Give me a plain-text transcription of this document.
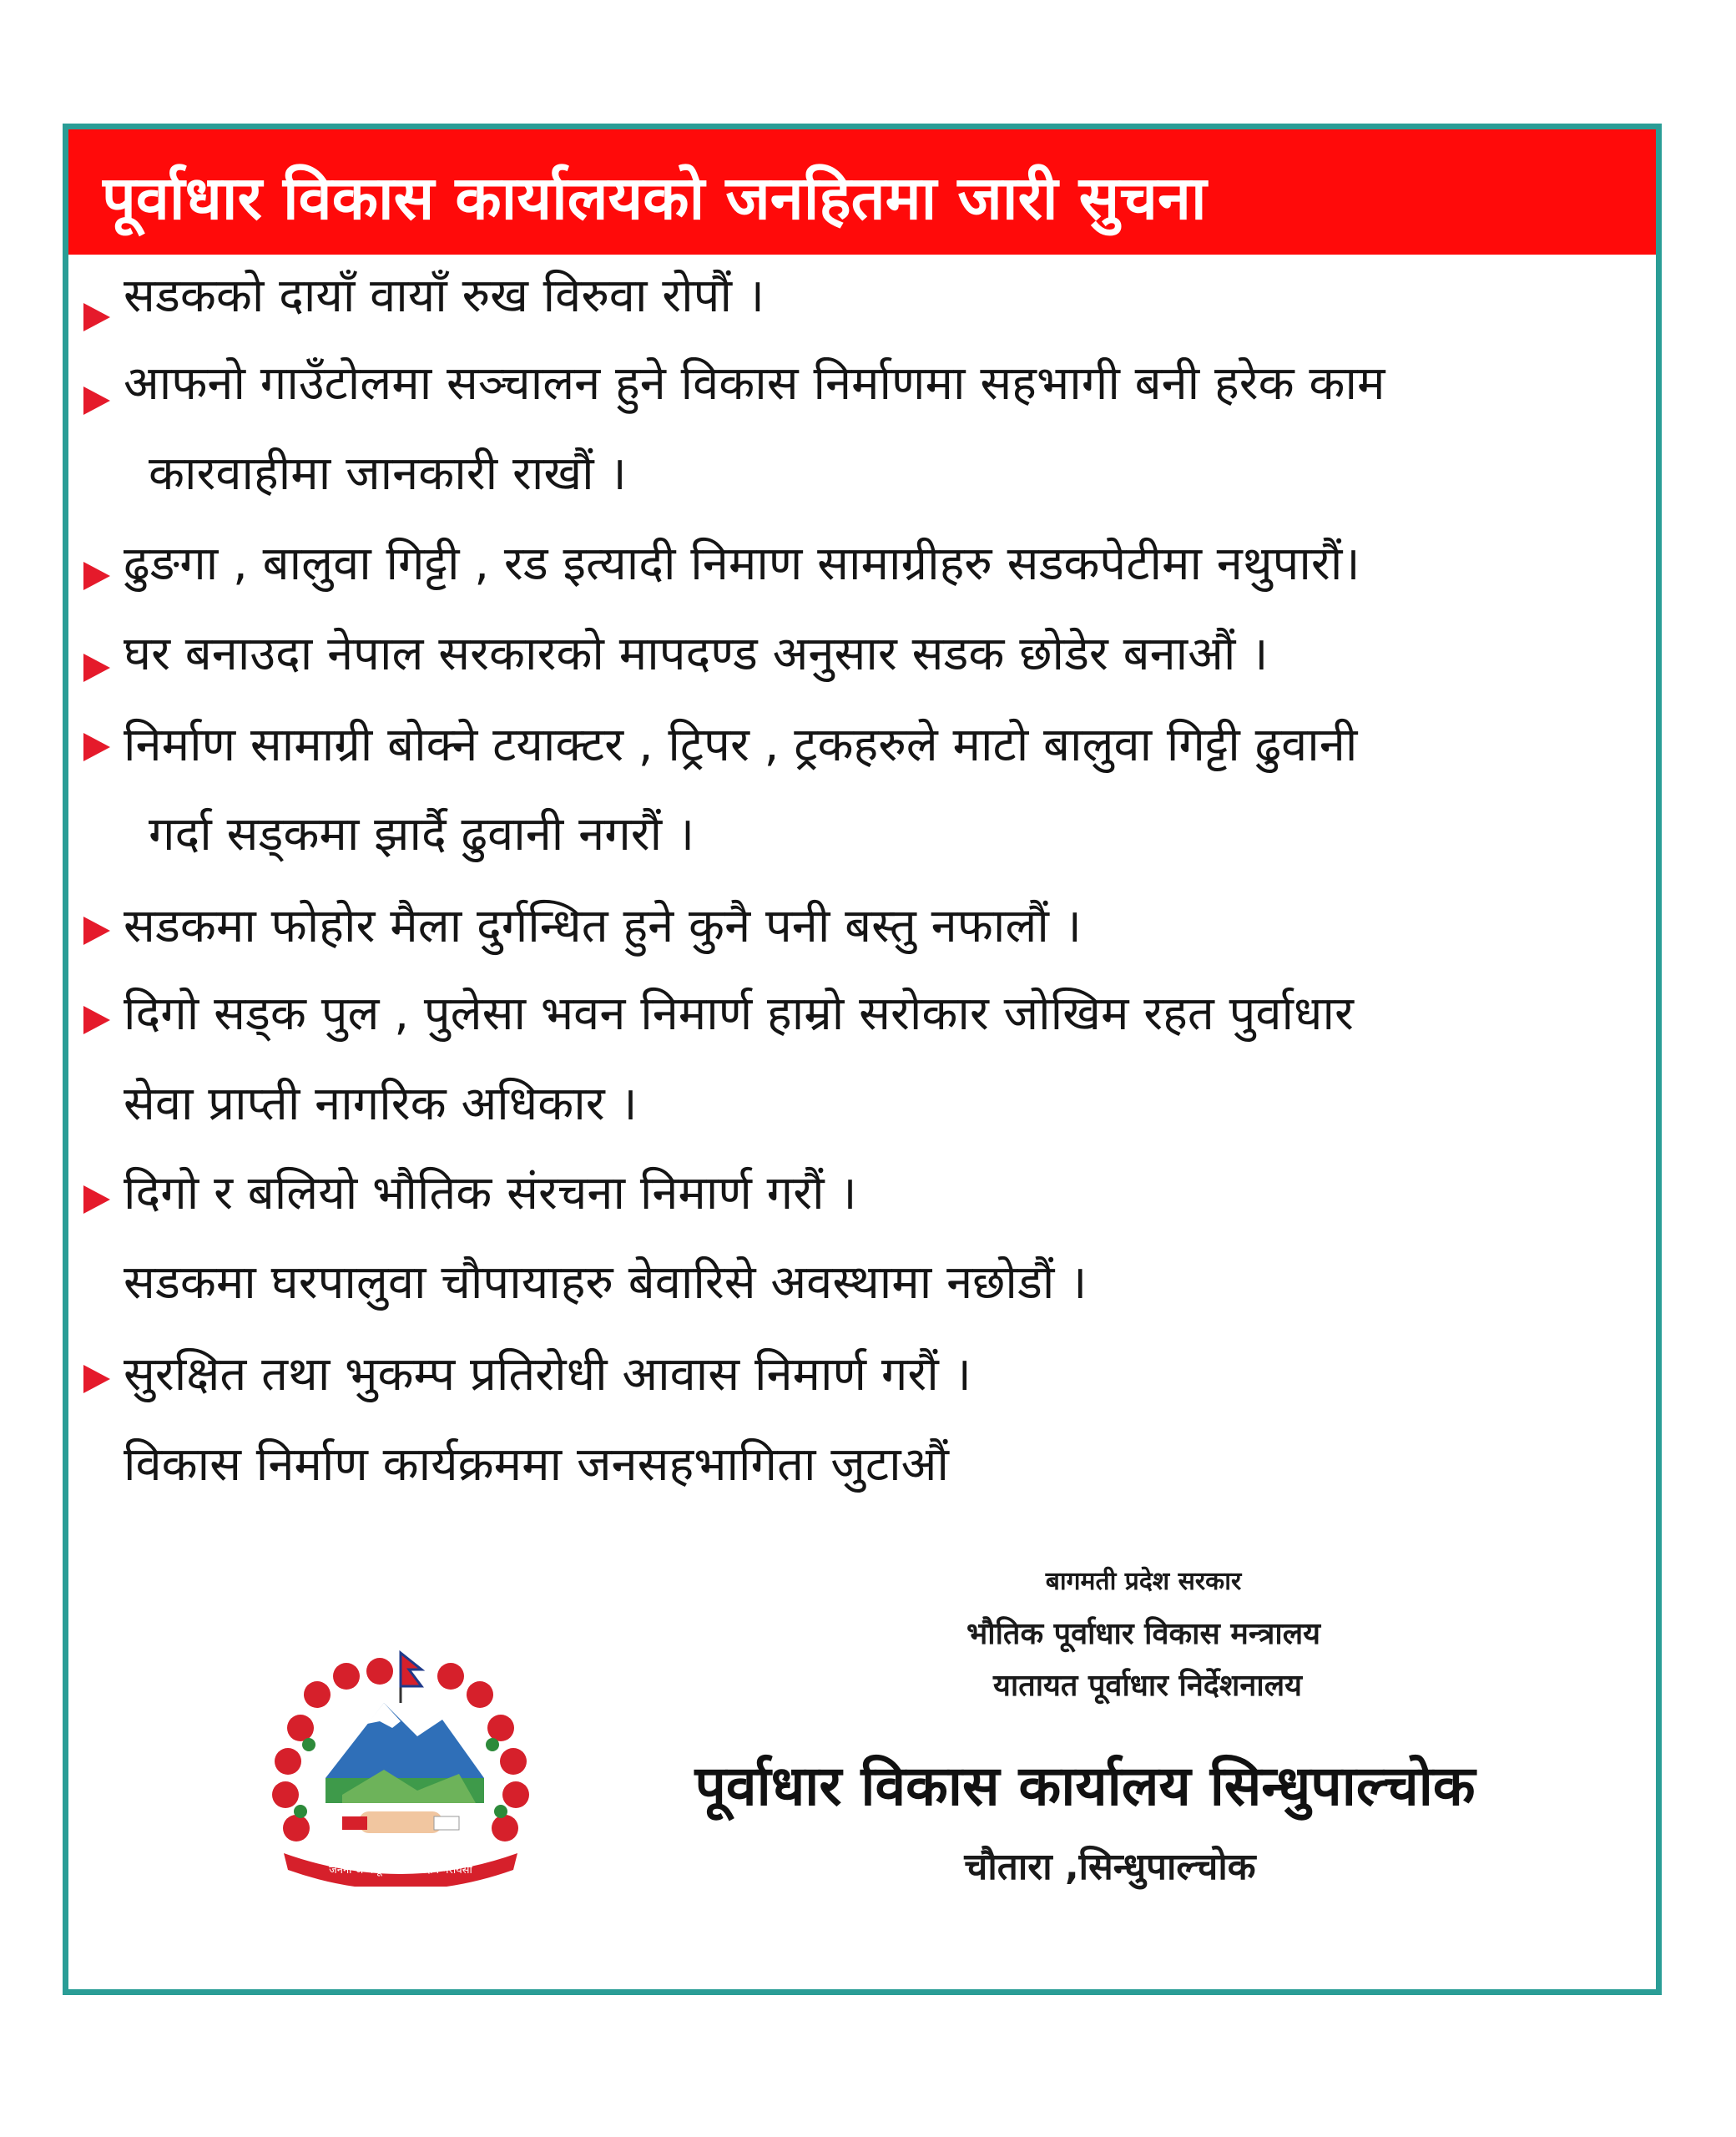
पूर्वाधार विकास कार्यालयको जनहितमा जारी सुचना
सडकको दायाँ वायाँ रुख विरुवा रोपौं ।
आफनो गाउँटोलमा सञ्चालन हुने विकास निर्माणमा सहभागी बनी हरेक काम
कारवाहीमा जानकारी राखौं ।
ढुङगा , बालुवा गिट्टी , रड इत्यादी निमाण सामाग्रीहरु सडकपेटीमा नथुपारौं।
घर बनाउदा नेपाल सरकारको मापदण्ड अनुसार सडक छोडेर बनाऔं ।
निर्माण सामाग्री बोक्ने टयाक्टर , ट्रिपर , ट्रकहरुले माटो बालुवा गिट्टी ढुवानी
गर्दा सड्कमा झार्दै ढुवानी नगरौं ।
सडकमा फोहोर मैला दुर्गन्धित हुने कुनै पनी बस्तु नफालौं ।
दिगो सड्क पुल , पुलेसा भवन निमार्ण हाम्रो सरोकार जोखिम रहत पुर्वाधार
सेवा प्राप्ती नागरिक अधिकार ।
दिगो र बलियो भौतिक संरचना निमार्ण गरौं ।
सडकमा घरपालुवा चौपायाहरु बेवारिसे अवस्थामा नछोडौं ।
सुरक्षित तथा भुकम्प प्रतिरोधी आवास निमार्ण गरौं ।
विकास निर्माण कार्यक्रममा जनसहभागिता जुटाऔं
बागमती प्रदेश सरकार
भौतिक पूर्वाधार विकास मन्त्रालय
यातायत पूर्वाधार निर्देशनालय
पूर्वाधार विकास कार्यालय सिन्धुपाल्चोक
चौतारा ,सिन्धुपाल्चोक
जननी जन्मभूमिश्च स्वर्गादपि गरीयसी
